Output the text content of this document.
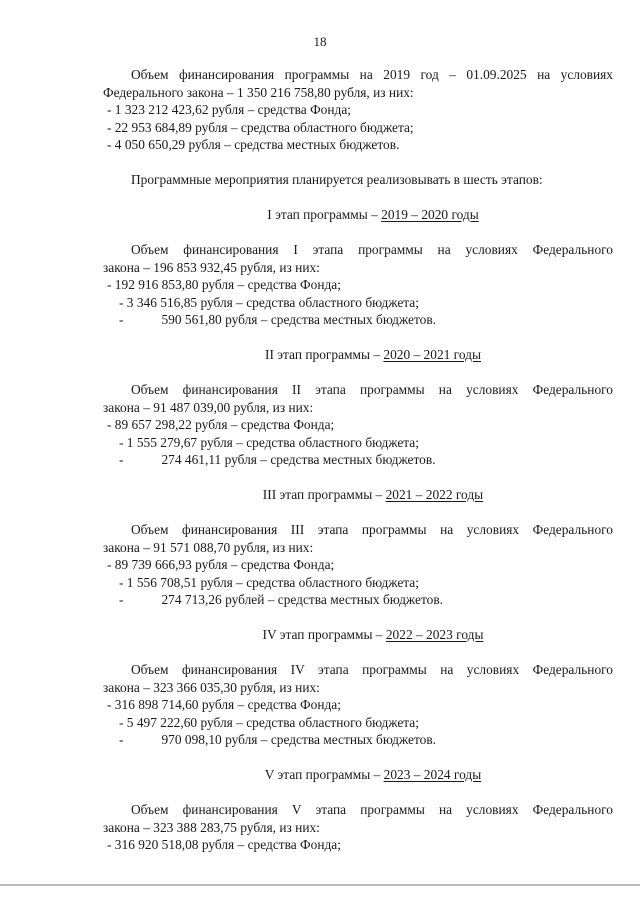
18
Объем финансирования программы на 2019 год – 01.09.2025 на условиях
Федерального закона – 1 350 216 758,80 рубля, из них:
- 1 323 212 423,62 рубля – средства Фонда;
- 22 953 684,89 рубля – средства областного бюджета;
- 4 050 650,29 рубля – средства местных бюджетов.
Программные мероприятия планируется реализовывать в шесть этапов:
I этап программы – 2019 – 2020 годы
Объем финансирования I этапа программы на условиях Федерального
закона – 196 853 932,45 рубля, из них:
- 192 916 853,80 рубля – средства Фонда;
- 3 346 516,85 рубля – средства областного бюджета;
-	590 561,80 рубля – средства местных бюджетов.
II этап программы – 2020 – 2021 годы
Объем финансирования II этапа программы на условиях Федерального
закона – 91 487 039,00 рубля, из них:
- 89 657 298,22 рубля – средства Фонда;
- 1 555 279,67 рубля – средства областного бюджета;
-	274 461,11 рубля – средства местных бюджетов.
III этап программы – 2021 – 2022 годы
Объем финансирования III этапа программы на условиях Федерального
закона – 91 571 088,70 рубля, из них:
- 89 739 666,93 рубля – средства Фонда;
- 1 556 708,51 рубля – средства областного бюджета;
-	274 713,26 рублей – средства местных бюджетов.
IV этап программы – 2022 – 2023 годы
Объем финансирования IV этапа программы на условиях Федерального
закона – 323 366 035,30 рубля, из них:
- 316 898 714,60 рубля – средства Фонда;
- 5 497 222,60 рубля – средства областного бюджета;
-	970 098,10 рубля – средства местных бюджетов.
V этап программы – 2023 – 2024 годы
Объем финансирования V этапа программы на условиях Федерального
закона – 323 388 283,75 рубля, из них:
- 316 920 518,08 рубля – средства Фонда;
